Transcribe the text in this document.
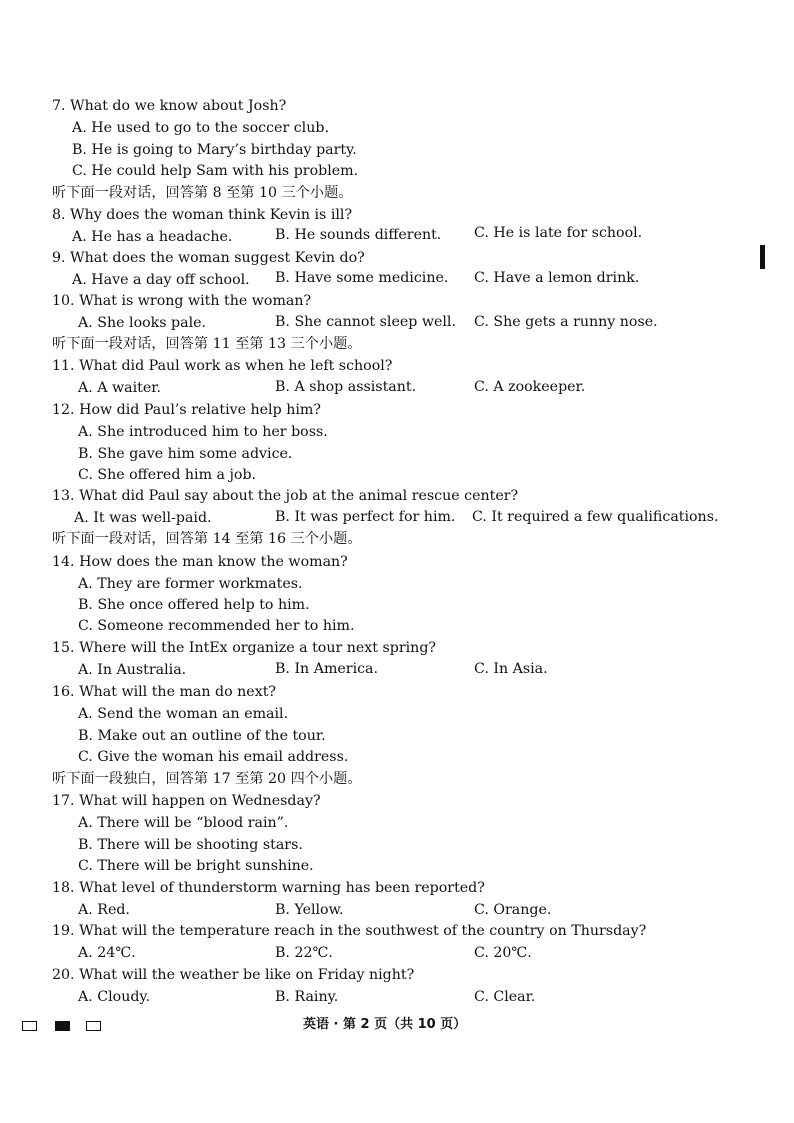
7. What do we know about Josh?
A. He used to go to the soccer club.
B. He is going to Mary’s birthday party.
C. He could help Sam with his problem.
听下面一段对话，回答第 8 至第 10 三个小题。
8. Why does the woman think Kevin is ill?
A. He has a headache.	B. He sounds different. C. He is late for school.
9. What does the woman suggest Kevin do?
A. Have a day off school. B. Have some medicine. C. Have a lemon drink.
10. What is wrong with the woman?
A. She looks pale.	B. She cannot sleep well. C. She gets a runny nose.
听下面一段对话，回答第 11 至第 13 三个小题。
11. What did Paul work as when he left school?
A. A waiter.	B. A shop assistant.	C. A zookeeper.
12. How did Paul’s relative help him?
A. She introduced him to her boss.
B. She gave him some advice.
C. She offered him a job.
13. What did Paul say about the job at the animal rescue center?
A. It was well-paid.	B. It was perfect for him. C. It required a few qualifications.
听下面一段对话，回答第 14 至第 16 三个小题。
14. How does the man know the woman?
A. They are former workmates.
B. She once offered help to him.
C. Someone recommended her to him.
15. Where will the IntEx organize a tour next spring?
A. In Australia.	B. In America.	C. In Asia.
16. What will the man do next?
A. Send the woman an email.
B. Make out an outline of the tour.
C. Give the woman his email address.
听下面一段独白，回答第 17 至第 20 四个小题。
17. What will happen on Wednesday?
A. There will be “blood rain”.
B. There will be shooting stars.
C. There will be bright sunshine.
18. What level of thunderstorm warning has been reported?
A. Red.	B. Yellow.	C. Orange.
19. What will the temperature reach in the southwest of the country on Thursday?
A. 24℃.	B. 22℃.	C. 20℃.
20. What will the weather be like on Friday night?
A. Cloudy.	B. Rainy.	C. Clear.
英语 · 第 2 页（共 10 页）
